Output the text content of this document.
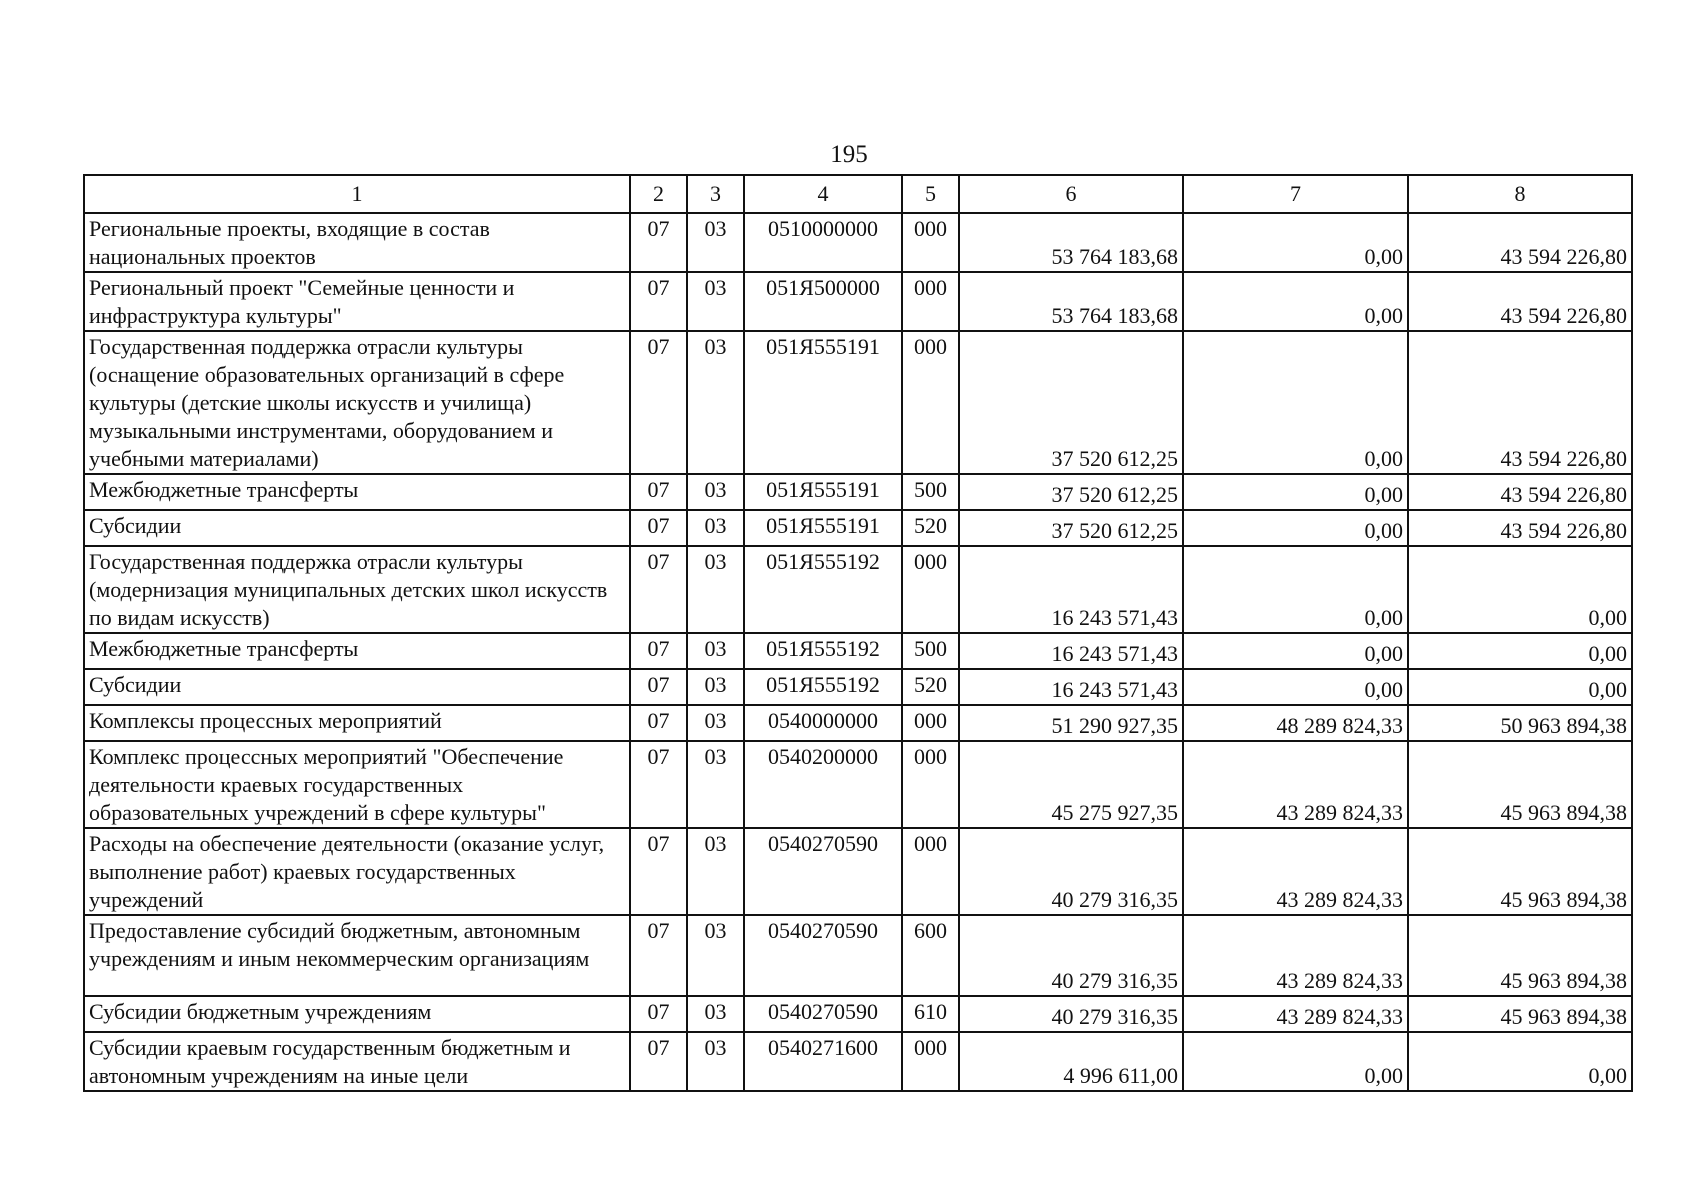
195
1	2	3	4	5	6	7	8
Региональные проекты, входящие в состав национальных проектов	07	03	0510000000	000	53 764 183,68	0,00	43 594 226,80
Региональный проект "Семейные ценности и инфраструктура культуры"	07	03	051Я500000	000	53 764 183,68	0,00	43 594 226,80
Государственная поддержка отрасли культуры (оснащение образовательных организаций в сфере культуры (детские школы искусств и училища) музыкальными инструментами, оборудованием и учебными материалами)	07	03	051Я555191	000	37 520 612,25	0,00	43 594 226,80
Межбюджетные трансферты	07	03	051Я555191	500	37 520 612,25	0,00	43 594 226,80
Субсидии	07	03	051Я555191	520	37 520 612,25	0,00	43 594 226,80
Государственная поддержка отрасли культуры (модернизация муниципальных детских школ искусств по видам искусств)	07	03	051Я555192	000	16 243 571,43	0,00	0,00
Межбюджетные трансферты	07	03	051Я555192	500	16 243 571,43	0,00	0,00
Субсидии	07	03	051Я555192	520	16 243 571,43	0,00	0,00
Комплексы процессных мероприятий	07	03	0540000000	000	51 290 927,35	48 289 824,33	50 963 894,38
Комплекс процессных мероприятий "Обеспечение деятельности краевых государственных образовательных учреждений в сфере культуры"	07	03	0540200000	000	45 275 927,35	43 289 824,33	45 963 894,38
Расходы на обеспечение деятельности (оказание услуг, выполнение работ) краевых государственных учреждений	07	03	0540270590	000	40 279 316,35	43 289 824,33	45 963 894,38
Предоставление субсидий бюджетным, автономным учреждениям и иным некоммерческим организациям	07	03	0540270590	600	40 279 316,35	43 289 824,33	45 963 894,38
Субсидии бюджетным учреждениям	07	03	0540270590	610	40 279 316,35	43 289 824,33	45 963 894,38
Субсидии краевым государственным бюджетным и автономным учреждениям на иные цели	07	03	0540271600	000	4 996 611,00	0,00	0,00
